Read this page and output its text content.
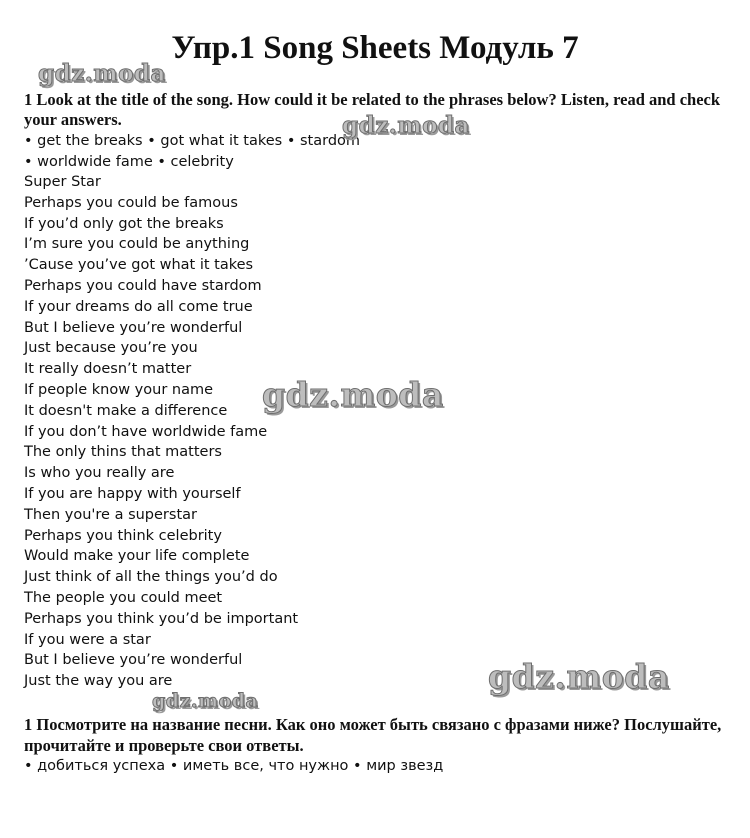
Упр.1 Song Sheets Модуль 7
1 Look at the title of the song. How could it be related to the phrases below? Listen, read and check your answers.
• get the breaks • got what it takes • stardom
• worldwide fame • celebrity
Super Star
Perhaps you could be famous
If you’d only got the breaks
I’m sure you could be anything
’Cause you’ve got what it takes
Perhaps you could have stardom
If your dreams do all come true
But I believe you’re wonderful
Just because you’re you
It really doesn’t matter
If people know your name
It doesn't make a difference
If you don’t have worldwide fame
The only thins that matters
Is who you really are
If you are happy with yourself
Then you're a superstar
Perhaps you think celebrity
Would make your life complete
Just think of all the things you’d do
The people you could meet
Perhaps you think you’d be important
If you were a star
But I believe you’re wonderful
Just the way you are
1 Посмотрите на название песни. Как оно может быть связано с фразами ниже? Послушайте, прочитайте и проверьте свои ответы.
• добиться успеха • иметь все, что нужно • мир звезд
gdz.moda
gdz.moda
gdz.moda
gdz.moda
gdz.moda
